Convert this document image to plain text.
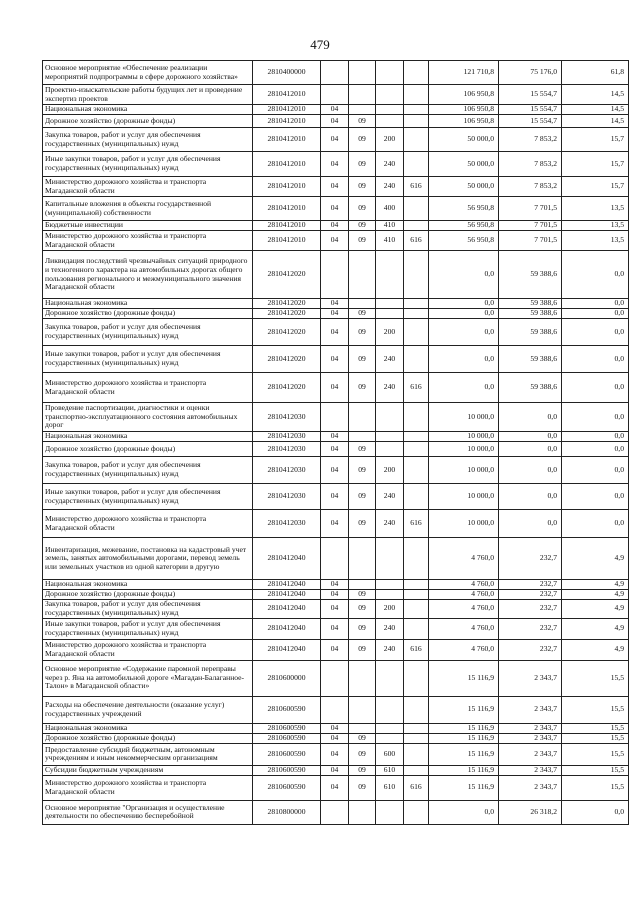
479
Основное мероприятие «Обеспечение реализации мероприятий подпрограммы в сфере дорожного хозяйства»	2810400000					121 710,8	75 176,0	61,8
Проектно-изыскательские работы будущих лет и проведение экспертиз проектов	2810412010					106 950,8	15 554,7	14,5
Национальная экономика	2810412010	04				106 950,8	15 554,7	14,5
Дорожное хозяйство (дорожные фонды)	2810412010	04	09			106 950,8	15 554,7	14,5
Закупка товаров, работ и услуг для обеспечения государственных (муниципальных) нужд	2810412010	04	09	200		50 000,0	7 853,2	15,7
Иные закупки товаров, работ и услуг для обеспечения государственных (муниципальных) нужд	2810412010	04	09	240		50 000,0	7 853,2	15,7
Министерство дорожного хозяйства и транспорта Магаданской области	2810412010	04	09	240	616	50 000,0	7 853,2	15,7
Капитальные вложения в объекты государственной (муниципальной) собственности	2810412010	04	09	400		56 950,8	7 701,5	13,5
Бюджетные инвестиции	2810412010	04	09	410		56 950,8	7 701,5	13,5
Министерство дорожного хозяйства и транспорта Магаданской области	2810412010	04	09	410	616	56 950,8	7 701,5	13,5
Ликвидация последствий чрезвычайных ситуаций природного и техногенного характера на автомобильных дорогах общего пользования регионального и межмуниципального значения Магаданской области	2810412020					0,0	59 388,6	0,0
Национальная экономика	2810412020	04				0,0	59 388,6	0,0
Дорожное хозяйство (дорожные фонды)	2810412020	04	09			0,0	59 388,6	0,0
Закупка товаров, работ и услуг для обеспечения государственных (муниципальных) нужд	2810412020	04	09	200		0,0	59 388,6	0,0
Иные закупки товаров, работ и услуг для обеспечения государственных (муниципальных) нужд	2810412020	04	09	240		0,0	59 388,6	0,0
Министерство дорожного хозяйства и транспорта Магаданской области	2810412020	04	09	240	616	0,0	59 388,6	0,0
Проведение паспортизации, диагностики и оценки транспортно-эксплуатационного состояния автомобильных дорог	2810412030					10 000,0	0,0	0,0
Национальная экономика	2810412030	04				10 000,0	0,0	0,0
Дорожное хозяйство (дорожные фонды)	2810412030	04	09			10 000,0	0,0	0,0
Закупка товаров, работ и услуг для обеспечения государственных (муниципальных) нужд	2810412030	04	09	200		10 000,0	0,0	0,0
Иные закупки товаров, работ и услуг для обеспечения государственных (муниципальных) нужд	2810412030	04	09	240		10 000,0	0,0	0,0
Министерство дорожного хозяйства и транспорта Магаданской области	2810412030	04	09	240	616	10 000,0	0,0	0,0
Инвентаризация, межевание, постановка на кадастровый учет земель, занятых автомобильными дорогами, перевод земель или земельных участков из одной категории в другую	2810412040					4 760,0	232,7	4,9
Национальная экономика	2810412040	04				4 760,0	232,7	4,9
Дорожное хозяйство (дорожные фонды)	2810412040	04	09			4 760,0	232,7	4,9
Закупка товаров, работ и услуг для обеспечения государственных (муниципальных) нужд	2810412040	04	09	200		4 760,0	232,7	4,9
Иные закупки товаров, работ и услуг для обеспечения государственных (муниципальных) нужд	2810412040	04	09	240		4 760,0	232,7	4,9
Министерство дорожного хозяйства и транспорта Магаданской области	2810412040	04	09	240	616	4 760,0	232,7	4,9
Основное мероприятие «Содержание паромной переправы через р. Яна на автомобильной дороге «Магадан-Балаганное-Талон» в Магаданской области»	2810600000					15 116,9	2 343,7	15,5
Расходы на обеспечение деятельности (оказание услуг) государственных учреждений	2810600590					15 116,9	2 343,7	15,5
Национальная экономика	2810600590	04				15 116,9	2 343,7	15,5
Дорожное хозяйство (дорожные фонды)	2810600590	04	09			15 116,9	2 343,7	15,5
Предоставление субсидий бюджетным, автономным учреждениям и иным некоммерческим организациям	2810600590	04	09	600		15 116,9	2 343,7	15,5
Субсидии бюджетным учреждениям	2810600590	04	09	610		15 116,9	2 343,7	15,5
Министерство дорожного хозяйства и транспорта Магаданской области	2810600590	04	09	610	616	15 116,9	2 343,7	15,5
Основное мероприятие "Организация и осуществление деятельности по обеспечению бесперебойной	2810800000					0,0	26 318,2	0,0
